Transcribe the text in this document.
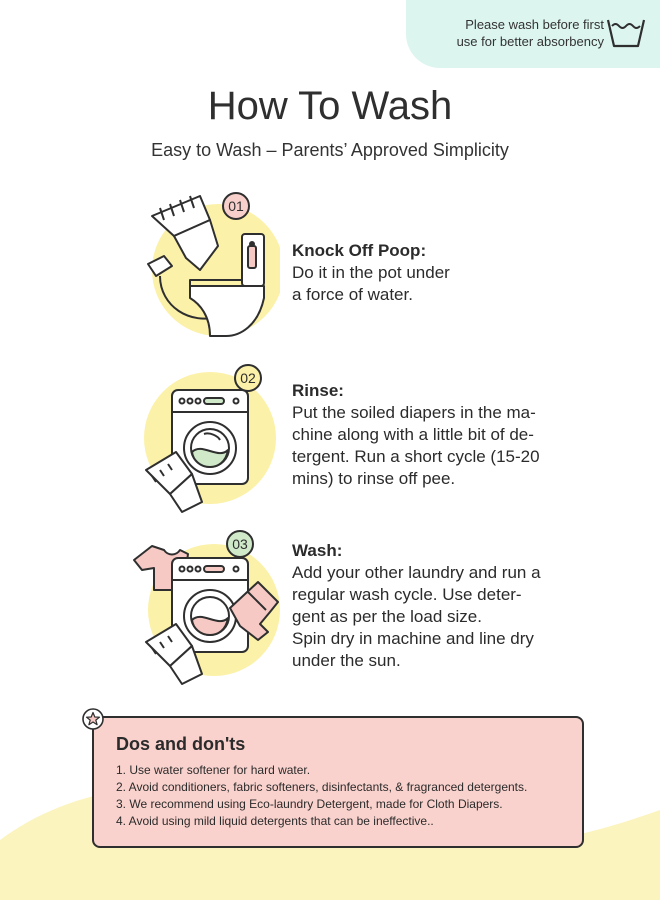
Please wash before first
use for better absorbency
How To Wash
Easy to Wash – Parents’ Approved Simplicity
01
Knock Off Poop:
Do it in the pot under
a force of water.
02
Rinse:
Put the soiled diapers in the ma-
chine along with a little bit of de-
tergent. Run a short cycle (15-20
mins) to rinse off pee.
03	Wash:
Add your other laundry and run a
regular wash cycle. Use deter-
gent as per the load size.
Spin dry in machine and line dry
under the sun.
Dos and don'ts
1. Use water softener for hard water.
2. Avoid conditioners, fabric softeners, disinfectants, & fragranced detergents.
3. We recommend using Eco-laundry Detergent, made for Cloth Diapers.
4. Avoid using mild liquid detergents that can be ineffective..
